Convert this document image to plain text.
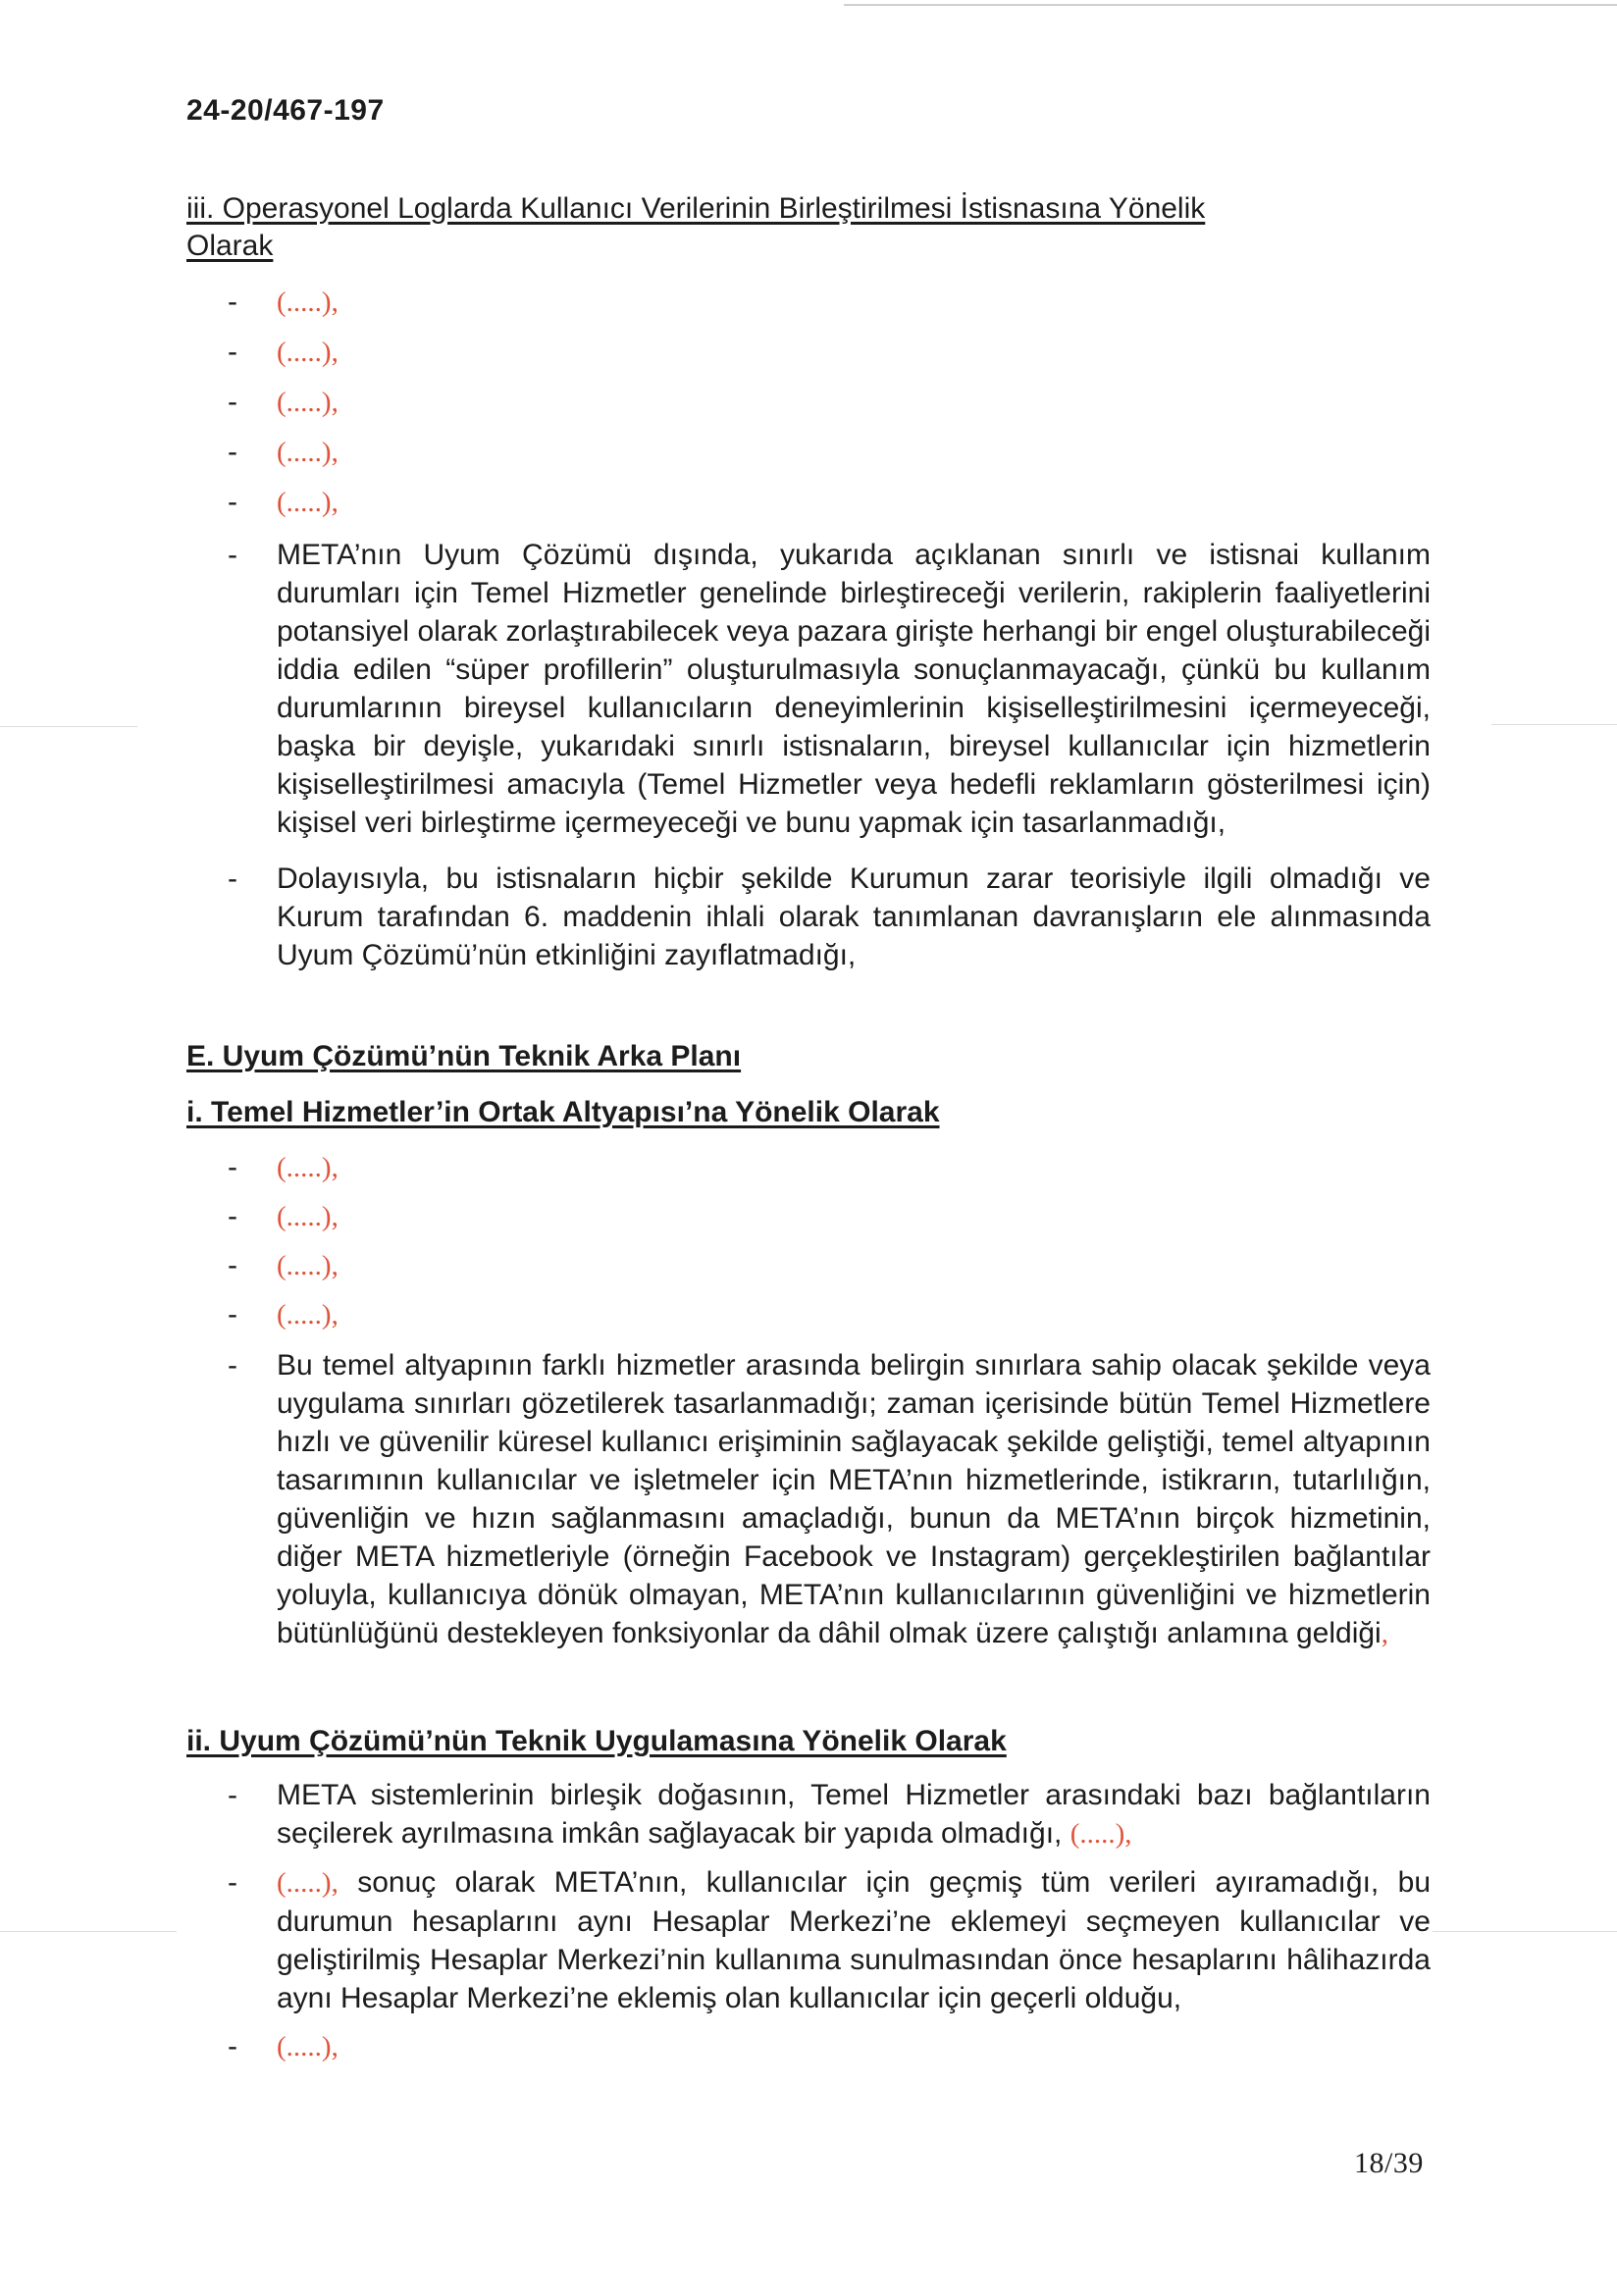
24-20/467-197
iii. Operasyonel Loglarda Kullanıcı Verilerinin Birleştirilmesi İstisnasına Yönelik
Olarak
- (.....),
- (.....),
- (.....),
- (.....),
- (.....),
- META’nın Uyum Çözümü dışında, yukarıda açıklanan sınırlı ve istisnai kullanım durumları için Temel Hizmetler genelinde birleştireceği verilerin, rakiplerin faaliyetlerini potansiyel olarak zorlaştırabilecek veya pazara girişte herhangi bir engel oluşturabileceği iddia edilen “süper profillerin” oluşturulmasıyla sonuçlanmayacağı, çünkü bu kullanım durumlarının bireysel kullanıcıların deneyimlerinin kişiselleştirilmesini içermeyeceği, başka bir deyişle, yukarıdaki sınırlı istisnaların, bireysel kullanıcılar için hizmetlerin kişiselleştirilmesi amacıyla (Temel Hizmetler veya hedefli reklamların gösterilmesi için) kişisel veri birleştirme içermeyeceği ve bunu yapmak için tasarlanmadığı,
- Dolayısıyla, bu istisnaların hiçbir şekilde Kurumun zarar teorisiyle ilgili olmadığı ve Kurum tarafından 6. maddenin ihlali olarak tanımlanan davranışların ele alınmasında Uyum Çözümü’nün etkinliğini zayıflatmadığı,
E. Uyum Çözümü’nün Teknik Arka Planı
i. Temel Hizmetler’in Ortak Altyapısı’na Yönelik Olarak
- (.....),
- (.....),
- (.....),
- (.....),
- Bu temel altyapının farklı hizmetler arasında belirgin sınırlara sahip olacak şekilde veya uygulama sınırları gözetilerek tasarlanmadığı; zaman içerisinde bütün Temel Hizmetlere hızlı ve güvenilir küresel kullanıcı erişiminin sağlayacak şekilde geliştiği, temel altyapının tasarımının kullanıcılar ve işletmeler için META’nın hizmetlerinde, istikrarın, tutarlılığın, güvenliğin ve hızın sağlanmasını amaçladığı, bunun da META’nın birçok hizmetinin, diğer META hizmetleriyle (örneğin Facebook ve Instagram) gerçekleştirilen bağlantılar yoluyla, kullanıcıya dönük olmayan, META’nın kullanıcılarının güvenliğini ve hizmetlerin bütünlüğünü destekleyen fonksiyonlar da dâhil olmak üzere çalıştığı anlamına geldiği,
ii. Uyum Çözümü’nün Teknik Uygulamasına Yönelik Olarak
- META sistemlerinin birleşik doğasının, Temel Hizmetler arasındaki bazı bağlantıların seçilerek ayrılmasına imkân sağlayacak bir yapıda olmadığı, (.....),
- (.....), sonuç olarak META’nın, kullanıcılar için geçmiş tüm verileri ayıramadığı, bu durumun hesaplarını aynı Hesaplar Merkezi’ne eklemeyi seçmeyen kullanıcılar ve geliştirilmiş Hesaplar Merkezi’nin kullanıma sunulmasından önce hesaplarını hâlihazırda aynı Hesaplar Merkezi’ne eklemiş olan kullanıcılar için geçerli olduğu,
- (.....),
18/39
